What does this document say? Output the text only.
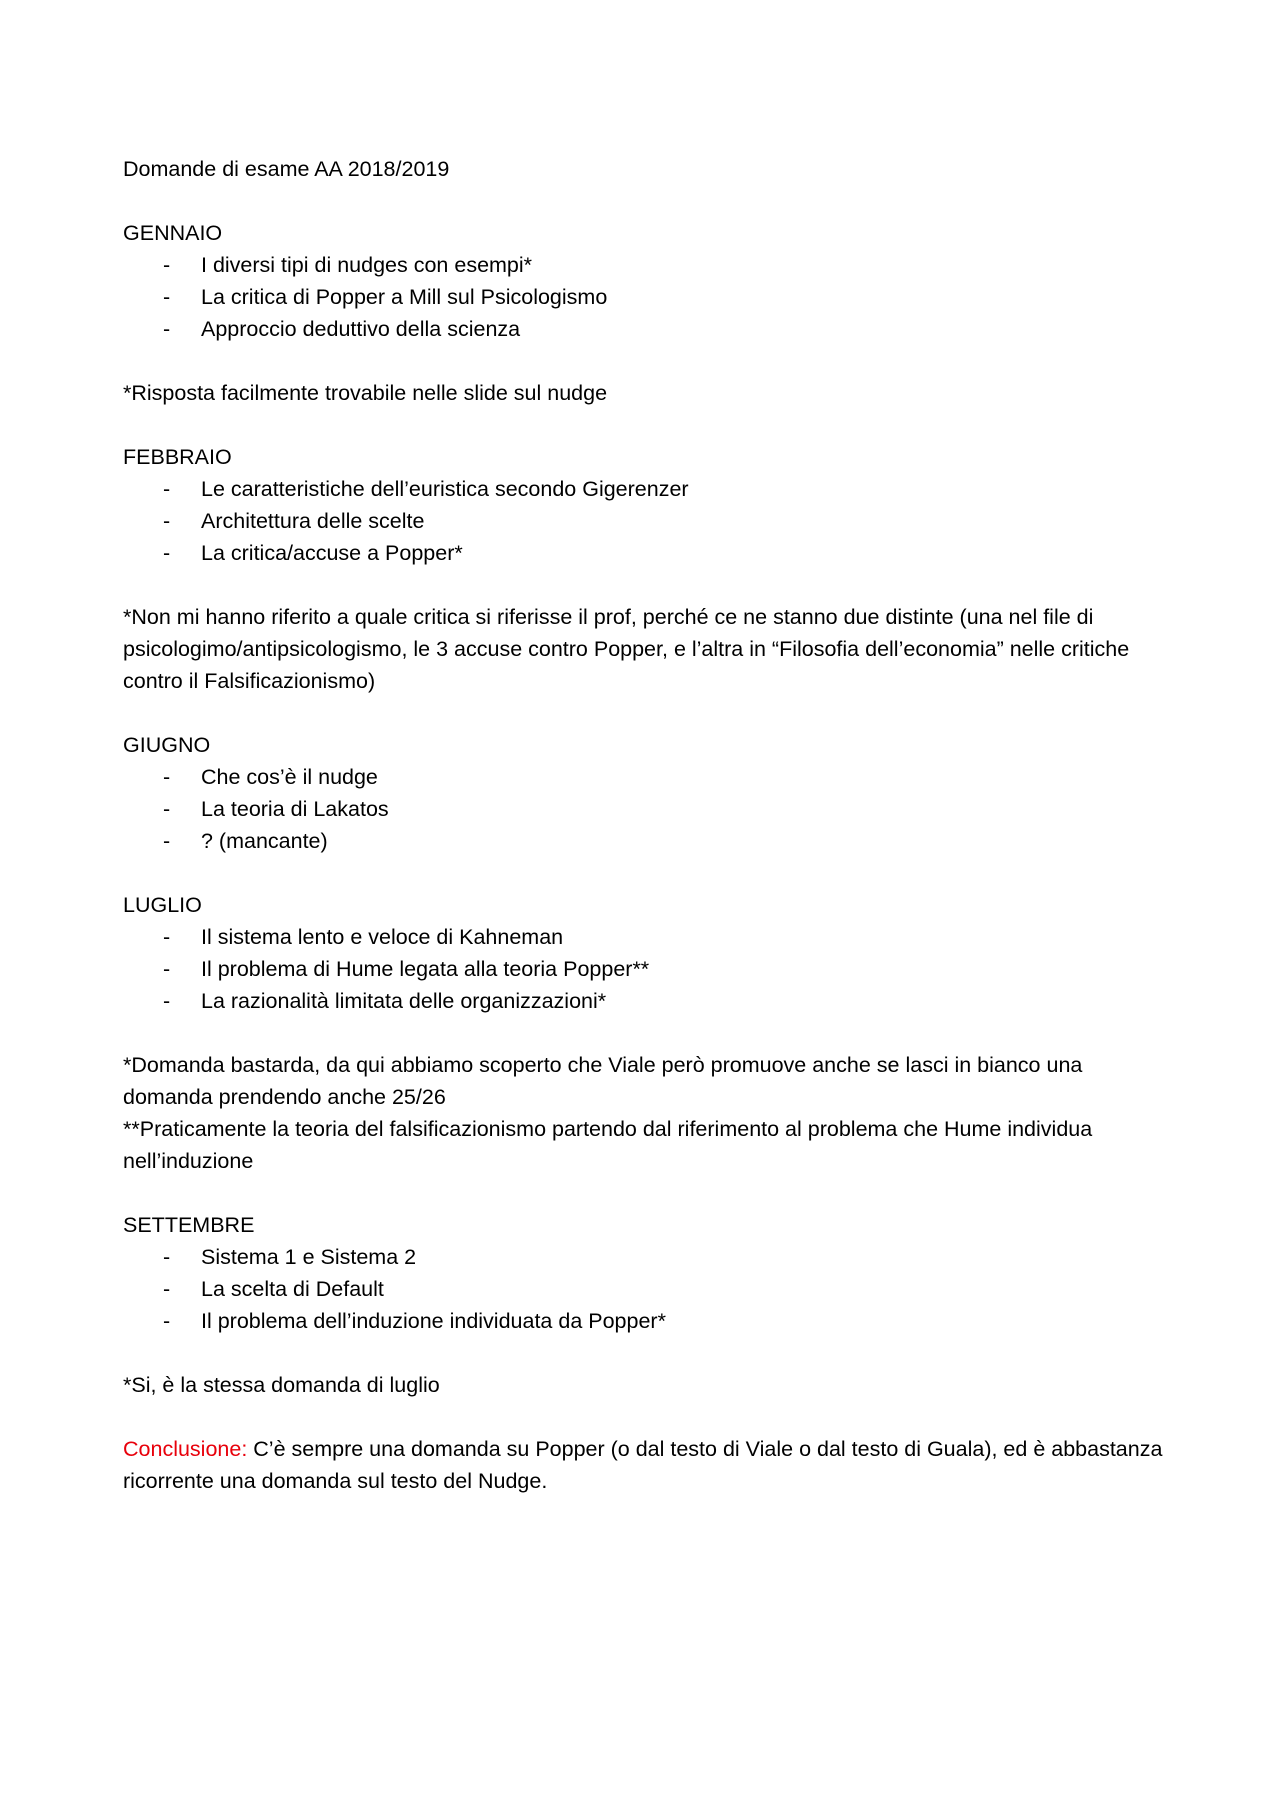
Domande di esame AA 2018/2019
GENNAIO
-	I diversi tipi di nudges con esempi*
-	La critica di Popper a Mill sul Psicologismo
-	Approccio deduttivo della scienza

*Risposta facilmente trovabile nelle slide sul nudge

FEBBRAIO
-	Le caratteristiche dell’euristica secondo Gigerenzer
-	Architettura delle scelte
-	La critica/accuse a Popper*

*Non mi hanno riferito a quale critica si riferisse il prof, perché ce ne stanno due distinte (una nel file di psicologimo/antipsicologismo, le 3 accuse contro Popper, e l’altra in “Filosofia dell’economia” nelle critiche contro il Falsificazionismo)

GIUGNO
-	Che cos’è il nudge
-	La teoria di Lakatos
-	? (mancante)
LUGLIO
-	Il sistema lento e veloce di Kahneman
-	Il problema di Hume legata alla teoria Popper**
-	La razionalità limitata delle organizzazioni*

*Domanda bastarda, da qui abbiamo scoperto che Viale però promuove anche se lasci in bianco una domanda prendendo anche 25/26

**Praticamente la teoria del falsificazionismo partendo dal riferimento al problema che Hume individua nell’induzione

SETTEMBRE
-	Sistema 1 e Sistema 2
-	La scelta di Default
-	Il problema dell’induzione individuata da Popper*

*Si, è la stessa domanda di luglio

Conclusione: C’è sempre una domanda su Popper (o dal testo di Viale o dal testo di Guala), ed è abbastanza ricorrente una domanda sul testo del Nudge.
